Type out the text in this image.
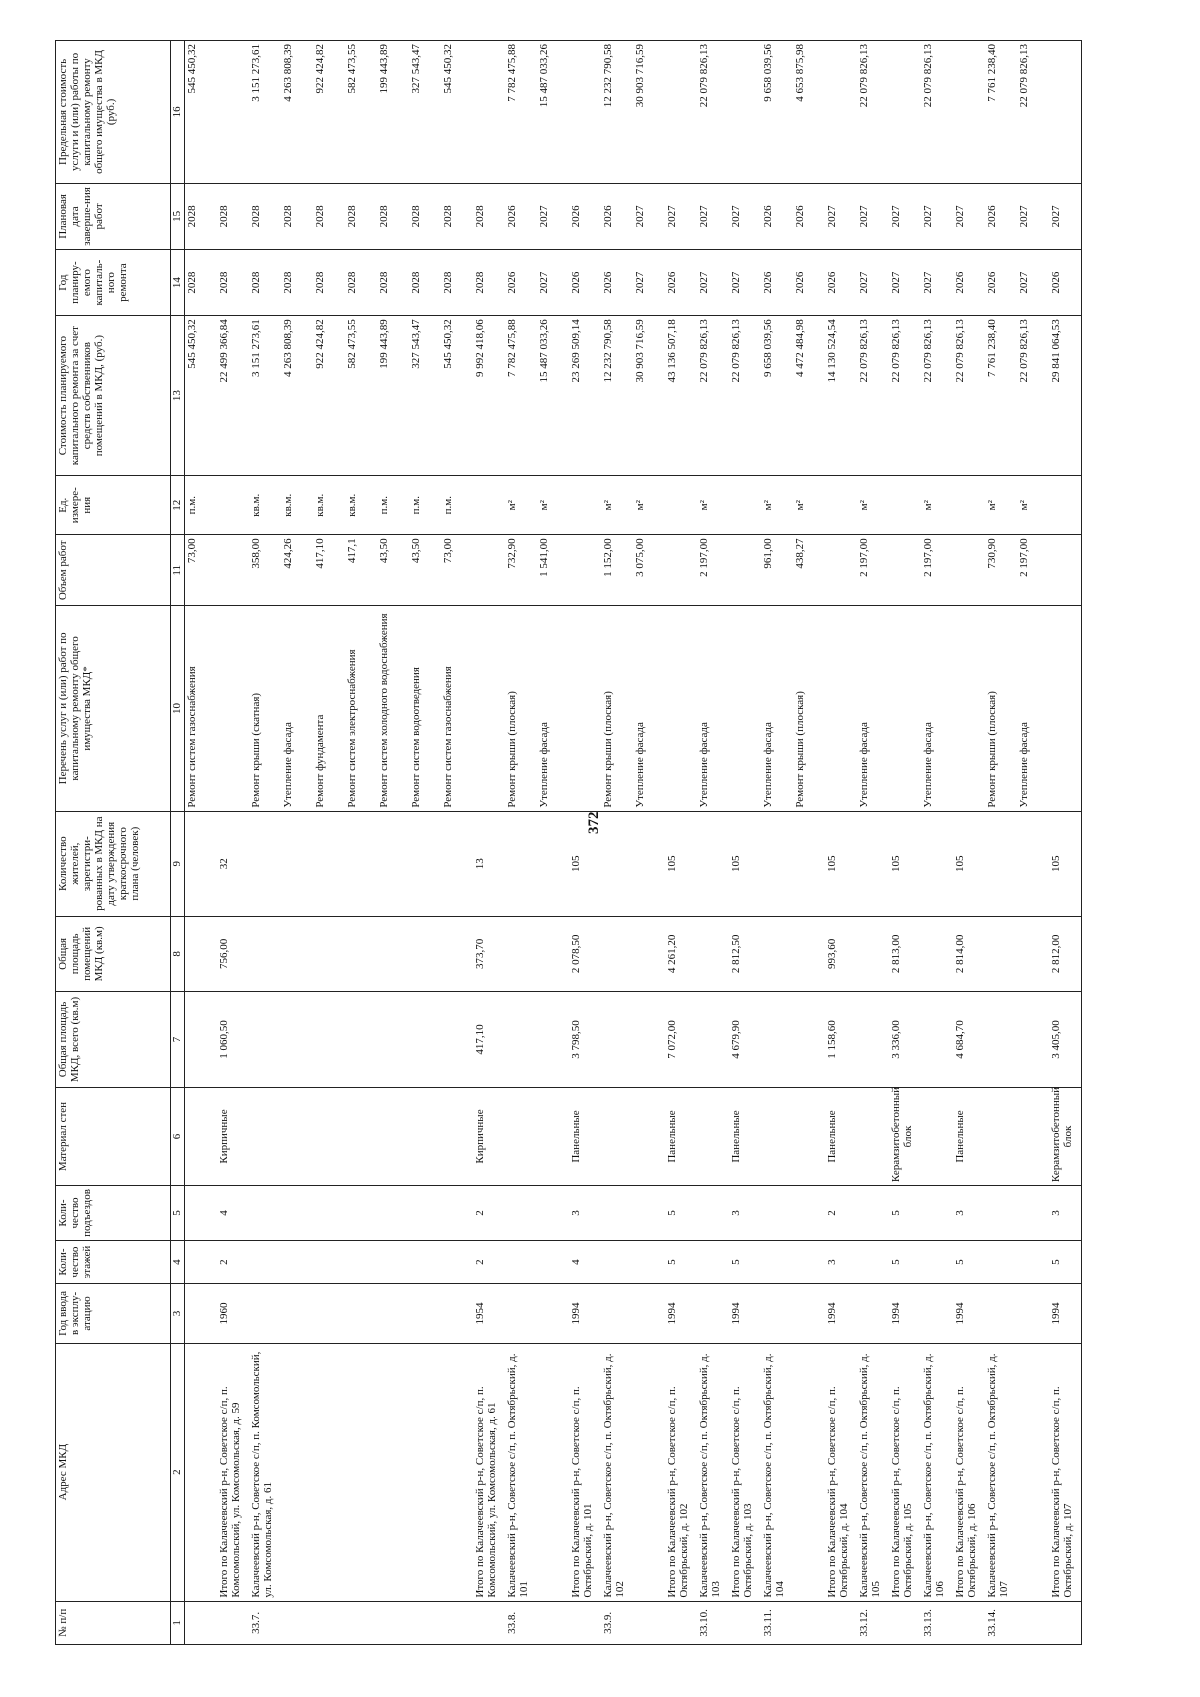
372
№ п/п	Адрес МКД	Год ввода в эксплу-атацию	Коли-чество этажей	Коли-чество подъездов	Материал стен	Общая площадь МКД, всего (кв.м)	Общая площадь помещений МКД (кв.м)	Количество жителей, зарегистри-рованных в МКД на дату утверждения краткосрочного плана (человек)	Перечень услуг и (или) работ по капитальному ремонту общего имущества МКД*	Объем работ	Ед. измере-ния	Стоимость планируемого капитального ремонта за счет средств собственников помещений в МКД, (руб.)	Год планиру-емого капиталь-ного ремонта	Плановая дата заверше-ния работ	Предельная стоимость услуги и (или) работы по капитальному ремонту общего имущества в МКД (руб.)
1	2	3	4	5	6	7	8	9	10	11	12	13	14	15	16
									Ремонт систем газоснабжения	73,00	п.м.	545 450,32	2028	2028	545 450,32
	Итого по Калачеевский р-н, Советское с/п, п. Комсомольский, ул. Комсомольская, д. 59	1960	2	4	Кирпичные	1 060,50	756,00	32				22 499 366,84	2028	2028	
33.7.	Калачеевский р-н, Советское с/п, п. Комсомольский, ул. Комсомольская, д. 61								Ремонт крыши (скатная)	358,00	кв.м.	3 151 273,61	2028	2028	3 151 273,61
									Утепление фасада	424,26	кв.м.	4 263 808,39	2028	2028	4 263 808,39
									Ремонт фундамента	417,10	кв.м.	922 424,82	2028	2028	922 424,82
									Ремонт систем электроснабжения	417,1	кв.м.	582 473,55	2028	2028	582 473,55
									Ремонт систем холодного водоснабжения	43,50	п.м.	199 443,89	2028	2028	199 443,89
									Ремонт систем водоотведения	43,50	п.м.	327 543,47	2028	2028	327 543,47
									Ремонт систем газоснабжения	73,00	п.м.	545 450,32	2028	2028	545 450,32
	Итого по Калачеевский р-н, Советское с/п, п. Комсомольский, ул. Комсомольская, д. 61	1954	2	2	Кирпичные	417,10	373,70	13				9 992 418,06	2028	2028	
33.8.	Калачеевский р-н, Советское с/п, п. Октябрьский, д. 101								Ремонт крыши (плоская)	732,90	м²	7 782 475,88	2026	2026	7 782 475,88
									Утепление фасада	1 541,00	м²	15 487 033,26	2027	2027	15 487 033,26
	Итого по Калачеевский р-н, Советское с/п, п. Октябрьский, д. 101	1994	4	3	Панельные	3 798,50	2 078,50	105				23 269 509,14	2026	2026	
33.9.	Калачеевский р-н, Советское с/п, п. Октябрьский, д. 102								Ремонт крыши (плоская)	1 152,00	м²	12 232 790,58	2026	2026	12 232 790,58
									Утепление фасада	3 075,00	м²	30 903 716,59	2027	2027	30 903 716,59
	Итого по Калачеевский р-н, Советское с/п, п. Октябрьский, д. 102	1994	5	5	Панельные	7 072,00	4 261,20	105				43 136 507,18	2026	2027	
33.10.	Калачеевский р-н, Советское с/п, п. Октябрьский, д. 103								Утепление фасада	2 197,00	м²	22 079 826,13	2027	2027	22 079 826,13
	Итого по Калачеевский р-н, Советское с/п, п. Октябрьский, д. 103	1994	5	3	Панельные	4 679,90	2 812,50	105				22 079 826,13	2027	2027	
33.11.	Калачеевский р-н, Советское с/п, п. Октябрьский, д. 104								Утепление фасада	961,00	м²	9 658 039,56	2026	2026	9 658 039,56
									Ремонт крыши (плоская)	438,27	м²	4 472 484,98	2026	2026	4 653 875,98
	Итого по Калачеевский р-н, Советское с/п, п. Октябрьский, д. 104	1994	3	2	Панельные	1 158,60	993,60	105				14 130 524,54	2026	2027	
33.12.	Калачеевский р-н, Советское с/п, п. Октябрьский, д. 105								Утепление фасада	2 197,00	м²	22 079 826,13	2027	2027	22 079 826,13
	Итого по Калачеевский р-н, Советское с/п, п. Октябрьский, д. 105	1994	5	5	Керамзитобетонный блок	3 336,00	2 813,00	105				22 079 826,13	2027	2027	
33.13.	Калачеевский р-н, Советское с/п, п. Октябрьский, д. 106								Утепление фасада	2 197,00	м²	22 079 826,13	2027	2027	22 079 826,13
	Итого по Калачеевский р-н, Советское с/п, п. Октябрьский, д. 106	1994	5	3	Панельные	4 684,70	2 814,00	105				22 079 826,13	2026	2027	
33.14.	Калачеевский р-н, Советское с/п, п. Октябрьский, д. 107								Ремонт крыши (плоская)	730,90	м²	7 761 238,40	2026	2026	7 761 238,40
									Утепление фасада	2 197,00	м²	22 079 826,13	2027	2027	22 079 826,13
	Итого по Калачеевский р-н, Советское с/п, п. Октябрьский, д. 107	1994	5	3	Керамзитобетонный блок	3 405,00	2 812,00	105				29 841 064,53	2026	2027	
